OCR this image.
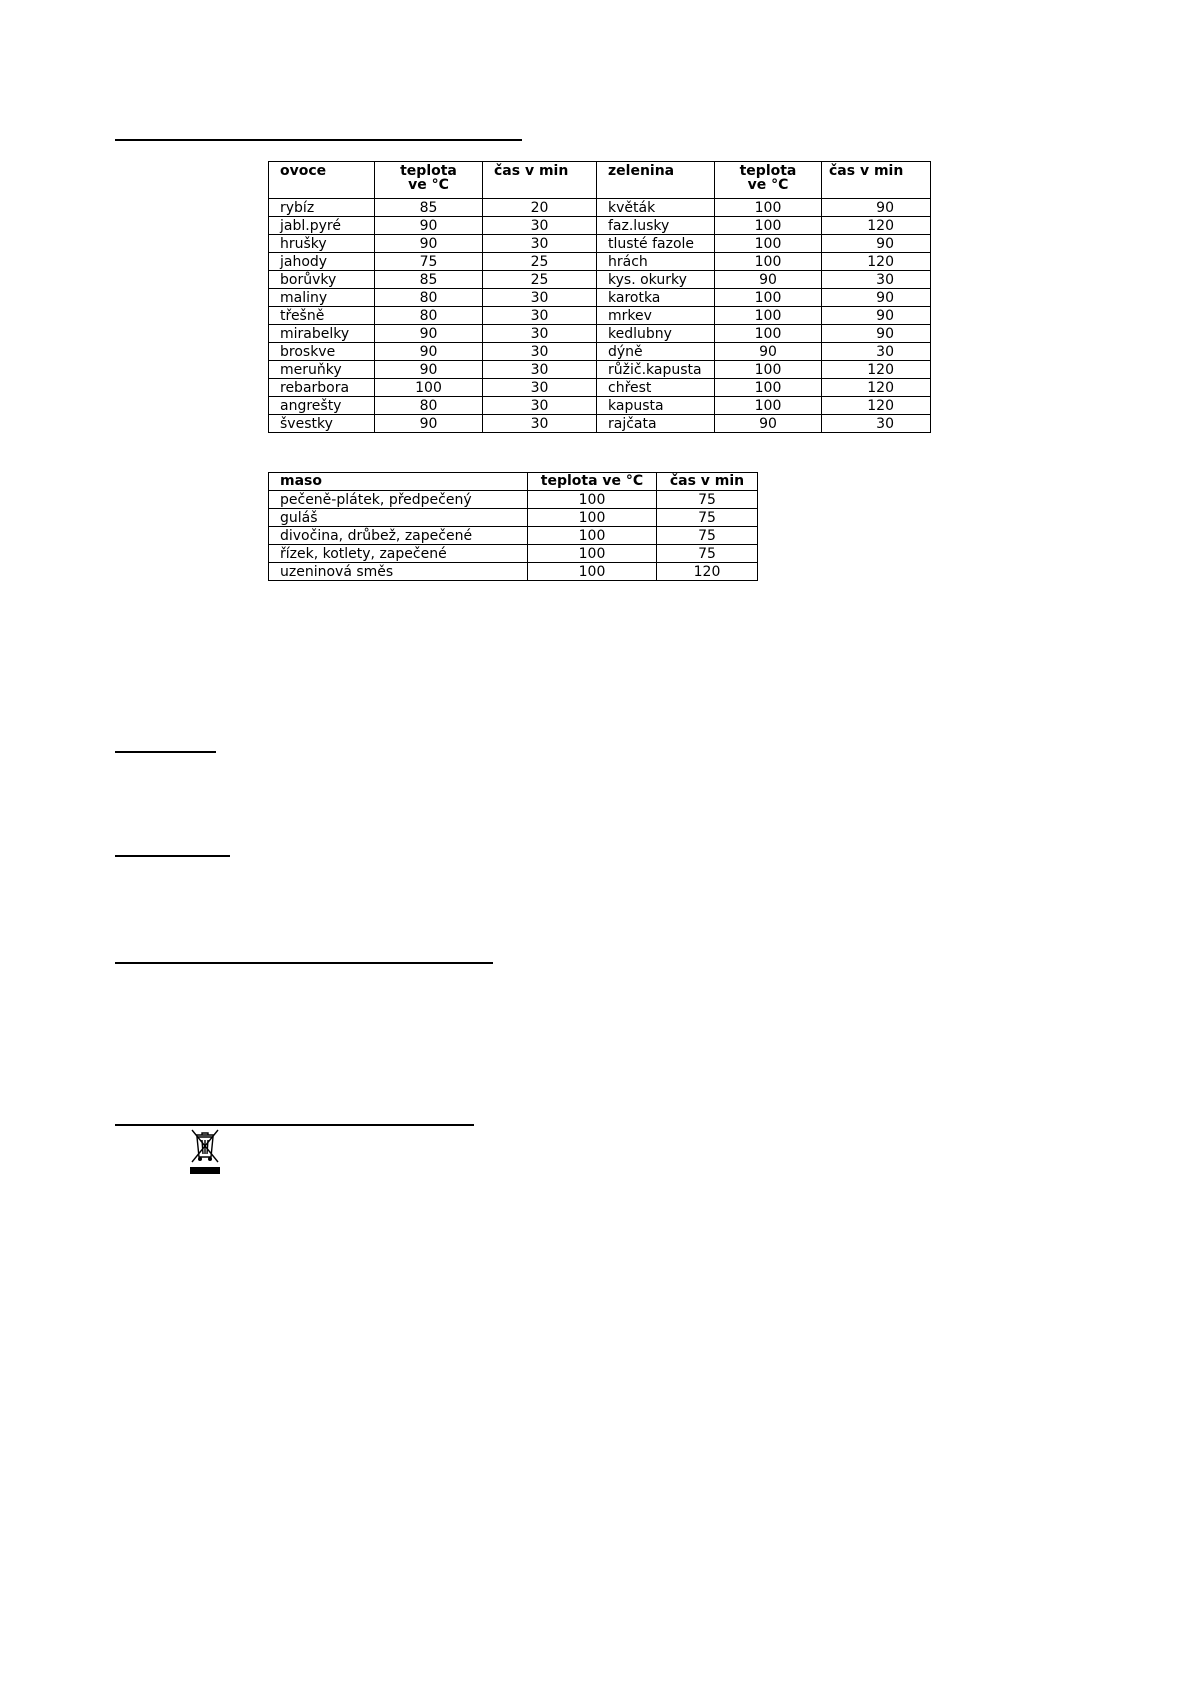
ovoce	teplota ve °C	čas v min	zelenina	teplota ve °C	čas v min
rybíz	85	20	květák	100	90
jabl.pyré	90	30	faz.lusky	100	120
hrušky	90	30	tlusté fazole	100	90
jahody	75	25	hrách	100	120
borůvky	85	25	kys. okurky	90	30
maliny	80	30	karotka	100	90
třešně	80	30	mrkev	100	90
mirabelky	90	30	kedlubny	100	90
broskve	90	30	dýně	90	30
meruňky	90	30	růžič.kapusta	100	120
rebarbora	100	30	chřest	100	120
angrešty	80	30	kapusta	100	120
švestky	90	30	rajčata	90	30
maso	teplota ve °C	čas v min
pečeně-plátek, předpečený	100	75
guláš	100	75
divočina, drůbež, zapečené	100	75
řízek, kotlety, zapečené	100	75
uzeninová směs	100	120
